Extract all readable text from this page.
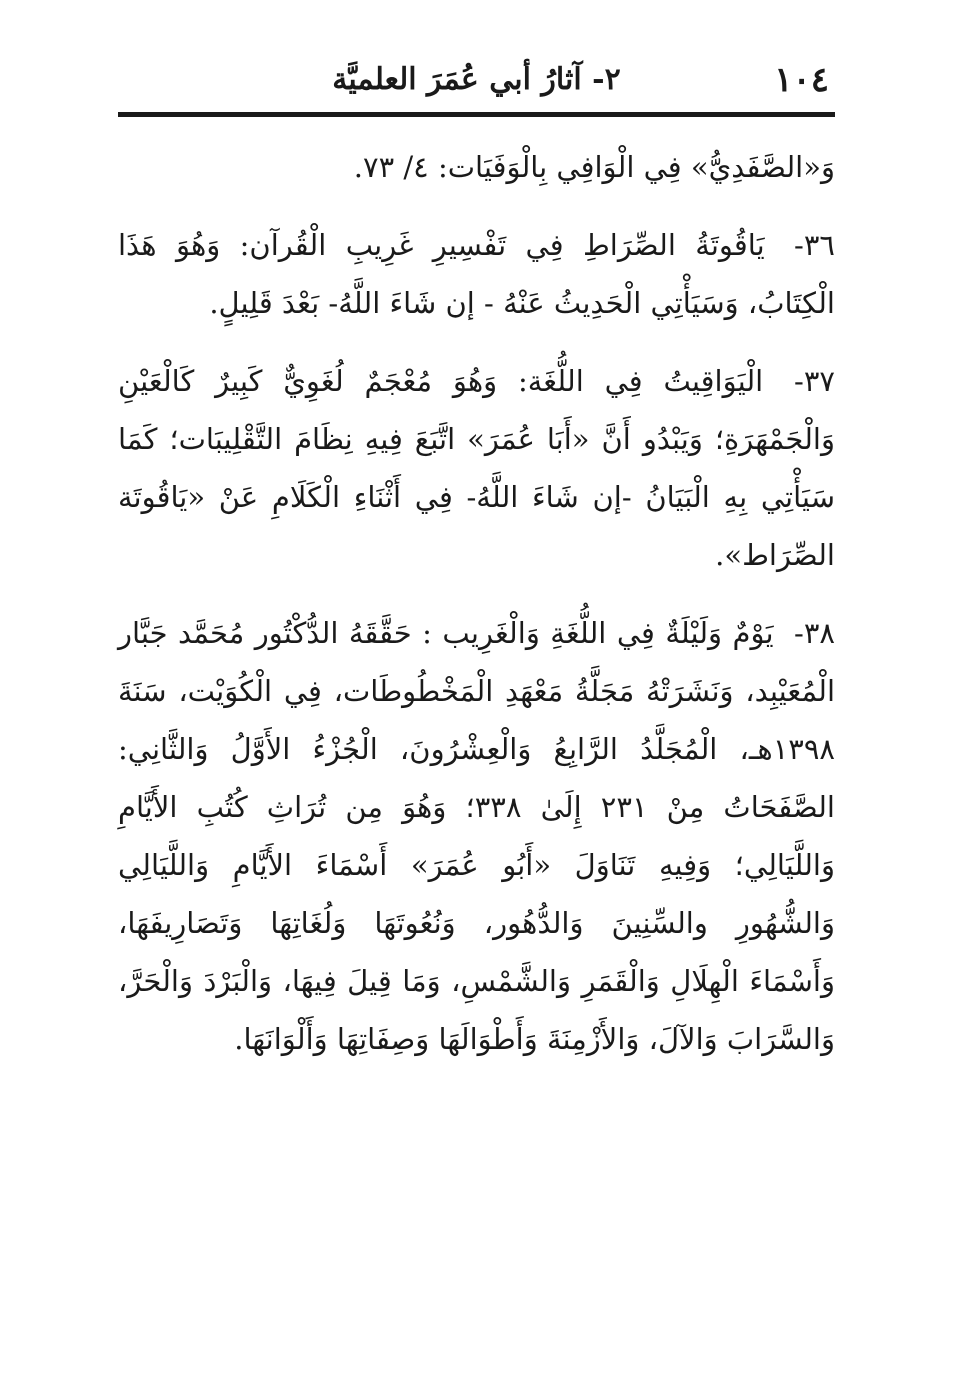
١٠٤
٢- آثارُ أبي عُمَرَ العلميَّة

وَ«الصَّفَدِيُّ» فِي الْوَافِي بِالْوَفَيَات: ٤/ ٧٣.

٣٦- يَاقُوتَةُ الصِّرَاطِ فِي تَفْسِيرِ غَرِيبِ الْقُرآن: وَهُوَ هَذَا الْكِتَابُ، وَسَيَأْتِي الْحَدِيثُ عَنْهُ - إن شَاءَ اللَّهُ- بَعْدَ قَلِيلٍ.

٣٧- الْيَوَاقِيتُ فِي اللُّغَة: وَهُوَ مُعْجَمٌ لُغَوِيٌّ كَبِيرٌ كَالْعَيْنِ وَالْجَمْهَرَةِ؛ وَيَبْدُو أَنَّ «أَبَا عُمَرَ» اتَّبَعَ فِيهِ نِظَامَ التَّقْلِيبَات؛ كَمَا سَيَأْتِي بِهِ الْبَيَانُ -إن شَاءَ اللَّهُ- فِي أَثْنَاءِ الْكَلَامِ عَنْ «يَاقُوتَة الصِّرَاط».

٣٨- يَوْمٌ وَلَيْلَةٌ فِي اللُّغَةِ وَالْغَرِيب : حَقَّقَهُ الدُّكْتُور مُحَمَّد جَبَّار الْمُعَيْبِد، وَنَشَرَتْهُ مَجَلَّةُ مَعْهَدِ الْمَخْطُوطَات، فِي الْكُوَيْت، سَنَةَ ١٣٩٨هـ، الْمُجَلَّدُ الرَّابِعُ وَالْعِشْرُونَ، الْجُزْءُ الأَوَّلُ وَالثَّانِي: الصَّفَحَاتُ مِنْ ٢٣١ إِلَىٰ ٣٣٨؛ وَهُوَ مِن تُرَاثِ كُتُبِ الأَيَّامِ وَاللَّيَالِي؛ وَفِيهِ تَنَاوَلَ «أَبُو عُمَرَ» أَسْمَاءَ الأَيَّامِ وَاللَّيَالِي وَالشُّهُورِ والسِّنِينَ وَالدُّهُور، وَنُعُوتَهَا وَلُغَاتِهَا وَتَصَارِيفَهَا، وَأَسْمَاءَ الْهِلَالِ وَالْقَمَرِ وَالشَّمْسِ، وَمَا قِيلَ فِيهَا، وَالْبَرْدَ وَالْحَرَّ، وَالسَّرَابَ وَالآلَ، وَالأَزْمِنَةَ وَأَطْوَالَهَا وَصِفَاتِهَا وَأَلْوَانَهَا.
